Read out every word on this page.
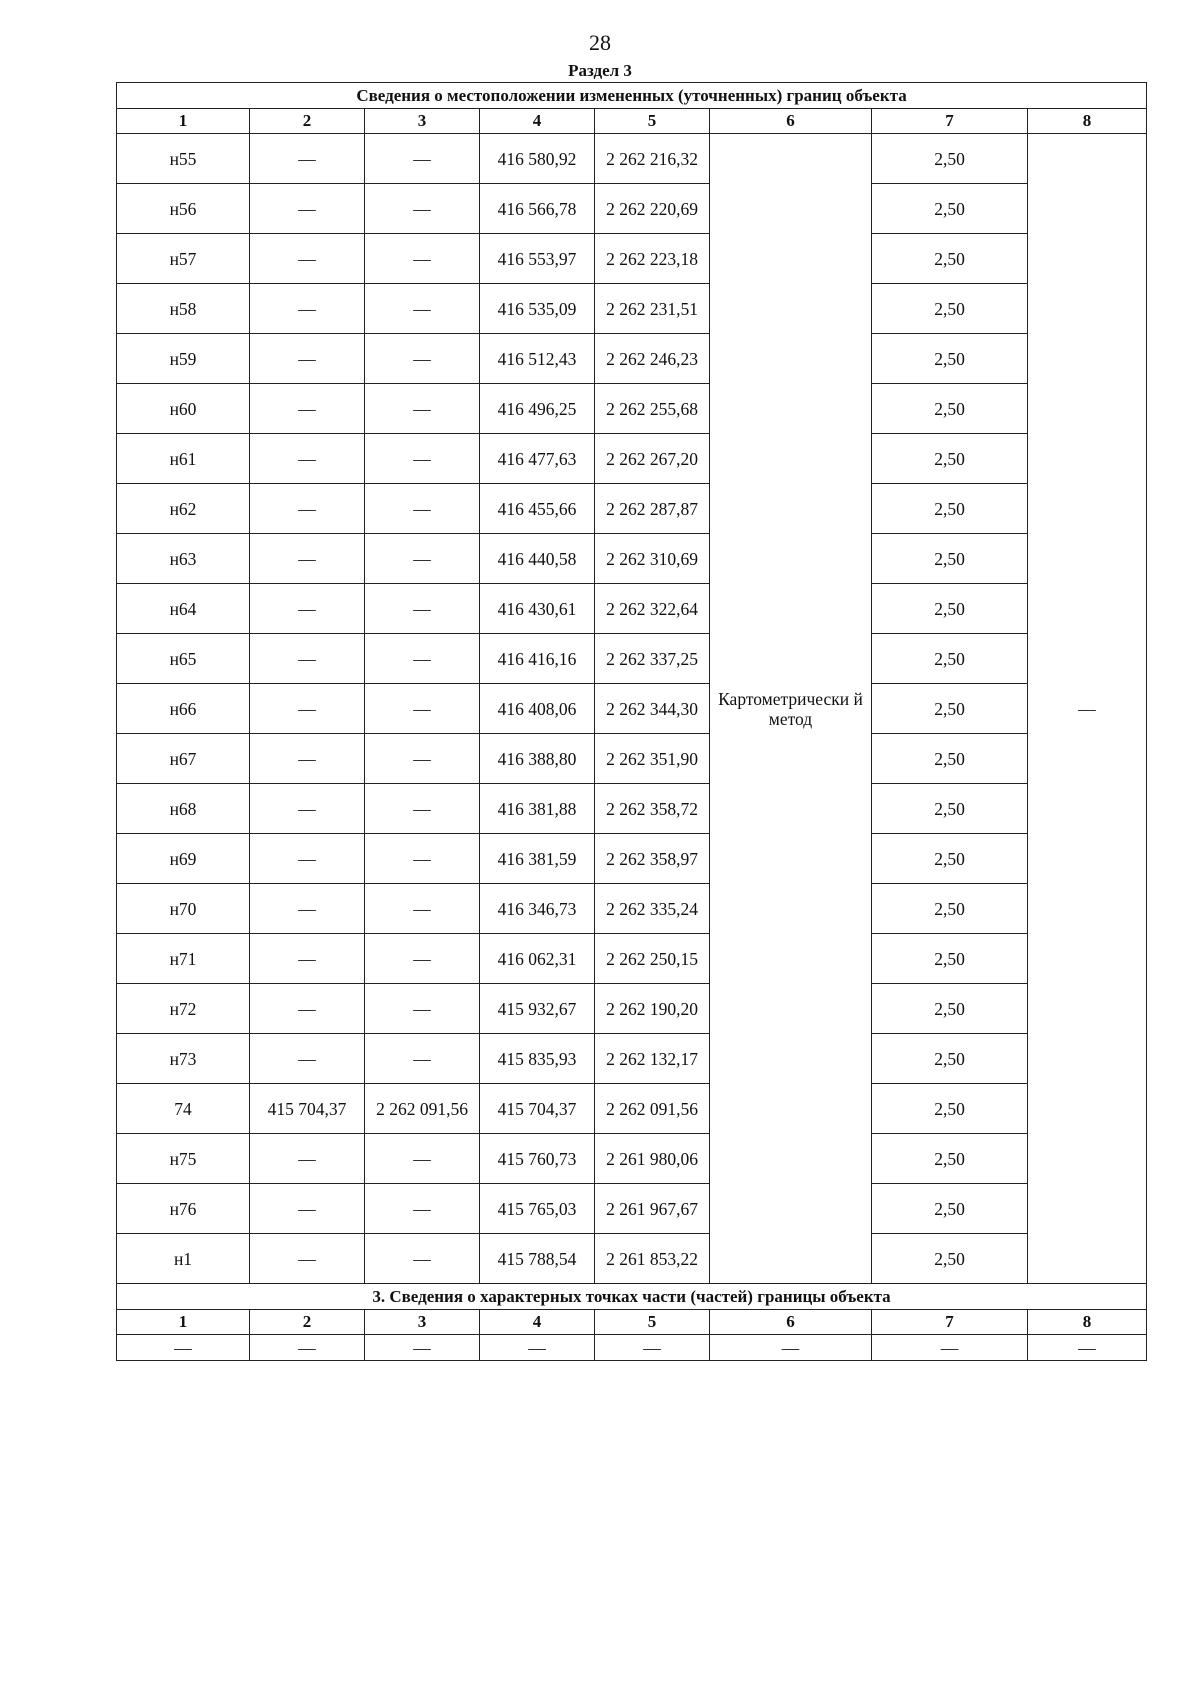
28
Раздел 3
Сведения о местоположении измененных (уточненных) границ объекта							
1	2	3	4	5	6	7	8
н55	—	—	416 580,92	2 262 216,32	Картометрически й метод	2,50	—
н56	—	—	416 566,78	2 262 220,69		2,50	
н57	—	—	416 553,97	2 262 223,18		2,50	
н58	—	—	416 535,09	2 262 231,51		2,50	
н59	—	—	416 512,43	2 262 246,23		2,50	
н60	—	—	416 496,25	2 262 255,68		2,50	
н61	—	—	416 477,63	2 262 267,20		2,50	
н62	—	—	416 455,66	2 262 287,87		2,50	
н63	—	—	416 440,58	2 262 310,69		2,50	
н64	—	—	416 430,61	2 262 322,64		2,50	
н65	—	—	416 416,16	2 262 337,25		2,50	
н66	—	—	416 408,06	2 262 344,30		2,50	
н67	—	—	416 388,80	2 262 351,90		2,50	
н68	—	—	416 381,88	2 262 358,72		2,50	
н69	—	—	416 381,59	2 262 358,97		2,50	
н70	—	—	416 346,73	2 262 335,24		2,50	
н71	—	—	416 062,31	2 262 250,15		2,50	
н72	—	—	415 932,67	2 262 190,20		2,50	
н73	—	—	415 835,93	2 262 132,17		2,50	
74	415 704,37	2 262 091,56	415 704,37	2 262 091,56		2,50	
н75	—	—	415 760,73	2 261 980,06		2,50	
н76	—	—	415 765,03	2 261 967,67		2,50	
н1	—	—	415 788,54	2 261 853,22		2,50	
3. Сведения о характерных точках части (частей) границы объекта							
1	2	3	4	5	6	7	8
—	—	—	—	—	—	—	—
